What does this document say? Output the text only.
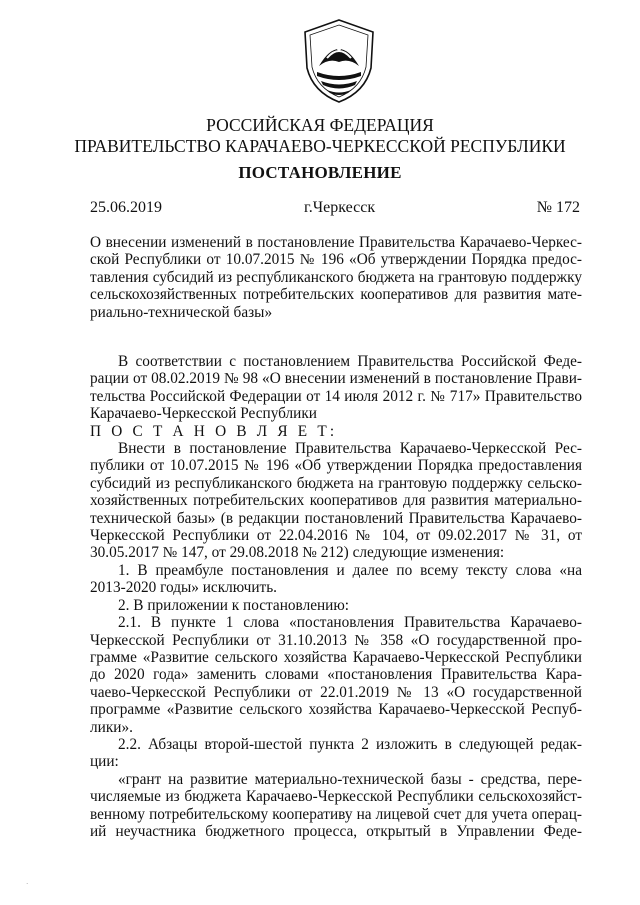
РОССИЙСКАЯ ФЕДЕРАЦИЯ
ПРАВИТЕЛЬСТВО КАРАЧАЕВО-ЧЕРКЕССКОЙ РЕСПУБЛИКИ
ПОСТАНОВЛЕНИЕ
25.06.2019	г.Черкесск	№ 172
О внесении изменений в постановление Правительства Карачаево-Черкес-
ской Республики от 10.07.2015 № 196 «Об утверждении Порядка предос-
тавления субсидий из республиканского бюджета на грантовую поддержку
сельскохозяйственных потребительских кооперативов для развития мате-
риально-технической базы»
В соответствии с постановлением Правительства Российской Феде-
рации от 08.02.2019 № 98 «О внесении изменений в постановление Прави-
тельства Российской Федерации от 14 июля 2012 г. № 717» Правительство
Карачаево-Черкесской Республики
П О С Т А Н О В Л Я Е Т:
Внести в постановление Правительства Карачаево-Черкесской Рес-
публики от 10.07.2015 № 196 «Об утверждении Порядка предоставления
субсидий из республиканского бюджета на грантовую поддержку сельско-
хозяйственных потребительских кооперативов для развития материально-
технической базы» (в редакции постановлений Правительства Карачаево-
Черкесской Республики от 22.04.2016 № 104, от 09.02.2017 № 31, от
30.05.2017 № 147, от 29.08.2018 № 212) следующие изменения:
1. В преамбуле постановления и далее по всему тексту слова «на
2013-2020 годы» исключить.
2. В приложении к постановлению:
2.1. В пункте 1 слова «постановления Правительства Карачаево-
Черкесской Республики от 31.10.2013 № 358 «О государственной про-
грамме «Развитие сельского хозяйства Карачаево-Черкесской Республики
до 2020 года» заменить словами «постановления Правительства Кара-
чаево-Черкесской Республики от 22.01.2019 № 13 «О государственной
программе «Развитие сельского хозяйства Карачаево-Черкесской Респуб-
лики».
2.2. Абзацы второй-шестой пункта 2 изложить в следующей редак-
ции:
«грант на развитие материально-технической базы - средства, пере-
числяемые из бюджета Карачаево-Черкесской Республики сельскохозяйст-
венному потребительскому кооперативу на лицевой счет для учета операц-
ий неучастника бюджетного процесса, открытый в Управлении Феде-
·
